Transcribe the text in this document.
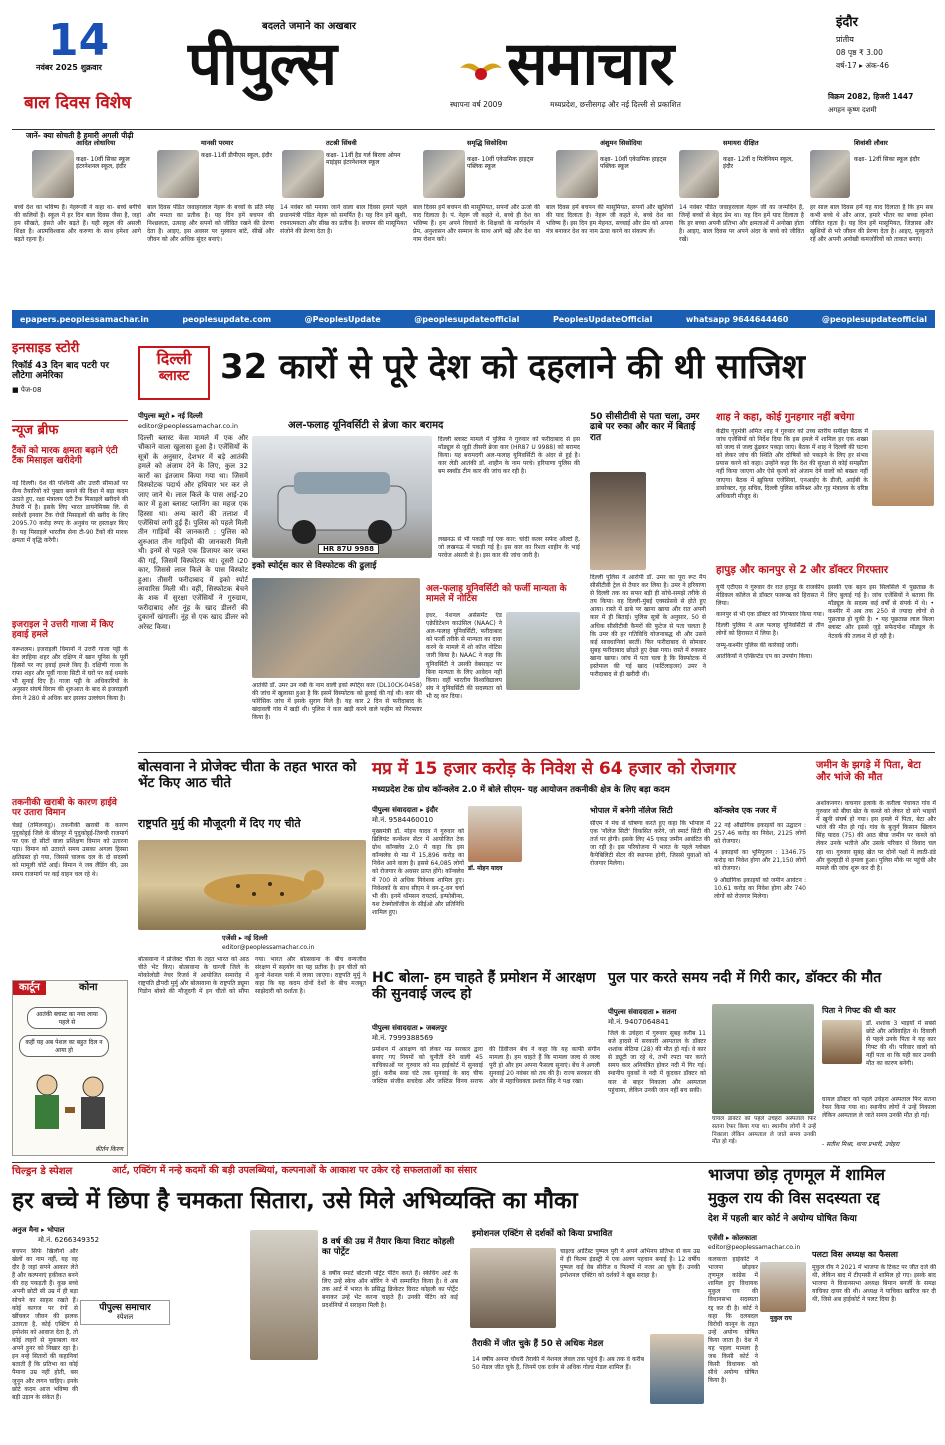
14
नवंबर 2025 शुक्रवार
बाल दिवस विशेष
जानें- क्या सोचती है हमारी अगली पीढ़ी
बदलते जमाने का अखबार
पीपुल्स	समाचार
स्थापना वर्ष 2009	मध्यप्रदेश, छत्तीसगढ़ और नई दिल्ली से प्रकाशित
इंदौर
प्रांतीय
08 पृष्ठ ₹ 3.00
वर्ष-17 ▸ अंक-46
विक्रम 2082, हिजरी 1447
अगहन कृष्ण दशमी
आदित लोधारिया
कक्षा- 10वीं सिका स्कूल इंटरनेशनल स्कूल, इंदौर
बच्चे देश का भविष्य हैं। नेहरूजी ने कहा था- बच्चे बगीचे की कलियों हैं। स्कूल में हर दिन बाल दिवस जैसा है, जहां हम सीखते, हंसते और बढ़ते हैं। यही स्कूल की असली शिक्षा है। आत्मविश्वास और करुणा के साथ हमेशा आगे बढ़ते रहना है।
मानसी परमार
कक्षा-11वीं डीपीएस स्कूल, इंदौर
बाल दिवस पंडित जवाहरलाल नेहरू के बच्चों के प्रति स्नेह और ममता का प्रतीक है। यह दिन हमें बचपन की निश्छलता, उत्साह और सपनों को जीवित रखने की प्रेरणा देता है। आइए, इस अवसर पर मुस्कान बांटें, सीखें और जीवन को और अधिक सुंदर बनाएं।
तटश्री सिंघवी
कक्षा- 11वीं हैड गर्ल बिरला ओपन माइंड्स इंटरनेशनल स्कूल
14 नवंबर को मनाया जाने वाला बाल दिवस हमारे पहले प्रधानमंत्री पंडित नेहरू को समर्पित है। यह दिन हमें खुशी, रचनात्मकता और सीख का प्रतीक है। बचपन की मासूमियत संजोने की प्रेरणा देता है।
समृद्धि सिसोदिया
कक्षा- 10वीं एकेडमिक हाइट्स पब्लिक स्कूल
बाल दिवस हमें बचपन की मासूमियत, सपनों और ऊर्जा की याद दिलाता है। पं. नेहरू जी कहते थे, बच्चे ही देश का भविष्य हैं। हम अपने विचारों के शिक्षकों के मार्गदर्शन में प्रेम, अनुशासन और सम्मान के साथ आगे बढ़ें और देश का नाम रोशन करें।
अंशुमन सिसोदिया
कक्षा- 10वीं एकेडमिक हाइट्स पब्लिक स्कूल
बाल दिवस हमें बचपन की मासूमियत, सपनों और खुशियों की याद दिलाता है। नेहरू जी कहते थे, बच्चे देश का भविष्य हैं। इस दिन हम मेहनत, सच्चाई और प्रेम को अपना मंत्र बनाकर देश का नाम ऊंचा करने का संकल्प लें।
समायरा दीक्षित
कक्षा- 12वीं द मिलेनियम स्कूल, इंदौर
14 नवंबर पंडित जवाहरलाल नेहरू जी का जन्मदिन है, जिन्हें बच्चों से बेहद प्रेम था। यह दिन हमें याद दिलाता है कि हर बच्चा अपनी प्रतिभा और क्षमताओं में अनोखा होता है। आइए, बाल दिवस पर अपने अंदर के बच्चे को जीवित रखें।
शिवांशी लौवार
कक्षा- 12वीं सिका स्कूल इंदौर
हर साल बाल दिवस हमें यह याद दिलाता है कि हम सब कभी बच्चे थे और आज, हमारे भीतर का बच्चा हमेशा जीवित रहता है। यह दिन हमें मासूमियत, जिज्ञासा और खुशियों से भरे जीवन की प्रेरणा देता है। आइए, मुस्कुराते रहें और अपनी अनोखी कमजोरियों को ताकत बनाएं।
epapers.peoplessamachar.in	peoplesupdate.com	@PeoplesUpdate	@peoplesupdateofficial	PeoplesUpdateOfficial	whatsapp 9644644460	@peoplesupdateofficial
इनसाइड स्टोरी
रिकॉर्ड 43 दिन बाद पटरी पर लौटेगा अमेरिका
■ पेज-08
न्यूज ब्रीफ
टैंकों को मारक क्षमता बढ़ाने एंटी टैंक मिसाइल खरीदेगी
नई दिल्ली। देश की पश्चिमी और उत्तरी सीमाओं पर सैन्य तैयारियों को पुख्ता बनाने की दिशा में बड़ा कदम उठाते हुए, रक्षा मंत्रालय एंटी टैंक मिसाइलें खरीदने की तैयारी में है। इसके लिए भारत डायनेमिक्स लि. से स्वदेशी इनवार टैंक रोधी मिसाइलों की खरीद के लिए 2095.70 करोड़ रुपए के अनुबंध पर हस्ताक्षर किए हैं। यह मिसाइलें भारतीय सेना टी-90 टैंकों की मारक क्षमता में वृद्धि करेंगी।
इजराइल ने उत्तरी गाजा में किए हवाई हमले
यरूशलम। इजराइली विमानों ने उत्तरी गाजा पट्टी के बेत लाहिया शहर और दक्षिण में खान यूनिस के पूर्वी हिस्सों पर नए हवाई हमले किए हैं। दक्षिणी गाजा के राफा शहर और पूर्वी गाजा सिटी में घरों पर कई धमाके भी सुनाई दिए हैं। गाजा पट्टी के अधिकारियों के अनुसार संघर्ष विराम की शुरुआत के बाद से इजराइली सेना ने 280 से अधिक बार इसका उल्लंघन किया है।
तकनीकी खराबी के कारण हाईवे पर उतारा विमान
चेन्नई (तमिलनाडु)। तकनीकी खराबी के कारण पुदुकोट्टई जिले के कीरनूर में पुदुकोट्टई-तिरुची राजमार्ग पर एक दो सीटों वाला प्रशिक्षण विमान को उतारना पड़ा। विमान को उतारते समय उसका अगला हिस्सा क्षतिग्रस्त हो गया, जिससे चालक दल के दो सदस्यों को मामूली चोटें आईं। विमान ने जय लैंडिंग की, उस समय राजमार्ग पर कई वाहन चल रहे थे।
कार्टून	कोना
आतंकी ब्लास्ट का नया लाया पहले से
कहीं यह अब पेशल का बहुत दिल न आया हो
कीर्तन किरण
दिल्ली
ब्लास्ट 32 कारों से पूरे देश को दहलाने की थी साजिश
पीपुल्स ब्यूरो ▸ नई दिल्ली
editor@peoplessamachar.co.in
दिल्ली ब्लास्ट केस मामले में एक और चौंकाने वाला खुलासा हुआ है। एजेंसियों के सूत्रों के अनुसार, देशभर में बड़े आतंकी हमले को अंजाम देने के लिए, कुल 32 कारों का इंतजाम किया गया था। जिसमें विस्फोटक पदार्थ और हथियार भर कर ले जाए जाने थे। लाल किले के पास आई-20 कार में हुआ ब्लास्ट प्लानिंग का महज एक हिस्सा था। अन्य कारों की तलाश में एजेंसियां लगी हुई हैं। पुलिस को पहले मिली तीन गाड़ियों की जानकारी : पुलिस को शुरुआत तीन गाड़ियों की जानकारी मिली थी। इनमें से पहले एक डिजायर कार जब्त की गई, जिसमें विस्फोटक था। दूसरी i20 कार, जिससे लाल किले के पास विस्फोट हुआ। तीसरी फरीदाबाद में इको स्पोर्ट लावारिस मिली थी। वहीं, सिस्फोटक बेचने के शक में सुरक्षा एजेंसियों ने गुरुग्राम, फरीदाबाद और नूंह के खाद डीलरों की दुकानों खंगालीं। नूंह से एक खाद डीलर को अरेस्ट किया।
अल-फलाह यूनिवर्सिटी से ब्रेजा कार बरामद
HR 87U 9988
दिल्ली ब्लास्ट मामले में पुलिस ने गुरुवार को फरीदाबाद से इस मॉड्यूल से जुड़ी तीसरी ब्रेजा कार (HR87 U 9988) को बरामद किया। यह बरामदगी अल-फलाह यूनिवर्सिटी के अंदर से हुई है। कार लेडी आतंकी डॉ. शाहीन के नाम परचे। हरियाणा पुलिस की बम स्क्वॉड टीम कार की जांच कर रही है।
लखनऊ से भी पकड़ी गई एक कार: चांदी कलर सफेद ऑल्टो है, जो लखनऊ में पकड़ी गई है। इस कार का रिश्ता शाहीन के भाई परवेज अंसारी से है। इस कार की जांच जारी है।
इको स्पोर्ट्स कार से विस्फोटक की ढुलाई
आतंकी डॉ. उमर उन नबी के नाम वाली इको स्पोर्ट्स कार (DL10CK-0458) की जांच में खुलासा हुआ है कि इसमें विस्फोटक को ढुलाई की गई थी। कार की फोरेंसिक जांच में इसके सुराग मिले हैं। यह कार 2 दिन से फरीदाबाद के खंदावली गांव में खड़ी थी। पुलिस ने कार खड़ी करने वाले फहीम को गिरफ्तार किया है।
अल-फलाह यूनिवर्सिटी को फर्जी मान्यता के मामले में नोटिस
इधर, नेशनल असेसमेंट एंड एक्रेडिटेशन काउंसिल (NAAC) ने अल-फलाह यूनिवर्सिटी, फरीदाबाद को फर्जी तरीके से मान्यता का दावा करने के मामले में शो कॉज नोटिस जारी किया है। NAAC ने कहा कि यूनिवर्सिटी ने उसकी वेबसाइट पर बिना मान्यता के लिए आवेदन नहीं किया। वहीं भारतीय विश्वविद्यालय संघ ने यूनिवर्सिटी की सदस्यता को भी रद्द कर दिया।
50 सीसीटीवी से पता चला, उमर ढाबे पर रुका और कार में बिताई रात
दिल्ली पुलिस ने आरोपी डॉ. उमर का पूरा रूट मैप सीसीटीवी ट्रेल से तैयार कर लिया है। उमर ने हरियाणा से दिल्ली तक का सफर बड़ी ही सोचे-समझे तरीके से तय किया। वह दिल्ली-मुंबई एक्सप्रेसवे से होते हुए आया। रास्ते में ढाबे पर खाना खाया और रात अपनी कार में ही बिताई। पुलिस सूत्रों के अनुसार, 50 से अधिक सीसीटीवी कैमरों की फुटेज से पता चलता है कि उमर की हर गतिविधि योजनाबद्ध थी और उसने कई सावधानियां बरतीं। फिर फरीदाबाद से सोमवार सुबह फरीदाबाद छोड़ते हुए देखा गया। रास्ते में रुककर खाना खाया। जांच में पता चला है कि विस्फोटक में इस्तेमाल की गई खाद (फर्टिलाइजर) उमर ने फरीदाबाद से ही खरीदी थी।
शाह ने कहा, कोई गुनहगार नहीं बचेगा
केंद्रीय गृहमंत्री अमित शाह ने गुरुवार को उच्च स्तरीय समीक्षा बैठक में जांच एजेंसियों को निर्देश दिया कि इस हमले में शामिल हर एक शख्स को जल्द से जल्द ढूंढकर पकड़ा जाए। बैठक में शाह ने दिल्ली की घटना को लेकर जांच की स्थिति और दोषियों को पकड़ने के लिए हर संभव प्रयास करने को कहा। उन्होंने कहा कि देश की सुरक्षा से कोई समझौता नहीं किया जाएगा और ऐसे कृत्यों को अंजाम देने वालों को बख्शा नहीं जाएगा। बैठक में ख़ुफ़िया एजेंसियां, एनआईए के डीजी, आईबी के डायरेक्टर, गृह सचिव, दिल्ली पुलिस कमिश्नर और गृह मंत्रालय के वरिष्ठ अधिकारी मौजूद थे।
हापुड़ और कानपुर से 2 और डॉक्टर गिरफ्तार
यूपी एटीएस ने गुरुवार देर रात हापुड़ के राजकीय मेडिकल कॉलेज से डॉक्टर फारूख को हिरासत में लिया।
कानपुर से भी एक डॉक्टर को गिरफ्तार किया गया।
दिल्ली पुलिस ने अल फलाह यूनिवर्सिटी से तीन लोगों को हिरासत में लिया है।
जम्मू-कश्मीर पुलिस की कार्रवाई जारी।
आतंकियों ने एन्क्रिप्टेड एप का उपयोग किया।
इसकी एक बहन इस सिलसिले में पूछताछ के लिए बुलाई गई है। जांच एजेंसियों ने बताया कि मॉड्यूल के सदस्य कई वर्षों से संपर्क में थे। • कश्मीर में अब तक 250 से ज्यादा लोगों से पूछताछ हो चुकी है। • यह पूछताछ लाल किला ब्लास्ट और इससे जुड़े सफेदपोश मॉड्यूल के नेटवर्क की तलाश में हो रही है।
बोत्सवाना ने प्रोजेक्ट चीता के तहत भारत को भेंट किए आठ चीते
राष्ट्रपति मुर्मु की मौजूदगी में दिए गए चीते
एजेंसी ▸ नई दिल्ली
editor@peoplessamachar.co.in
बोत्सवाना ने प्रोजेक्ट चीता के तहत भारत को आठ चीते भेंट किए। बोत्सवाना के घान्जी जिले के मोकोलोडी नेचर रिजर्व में आयोजित समारोह में राष्ट्रपति द्रौपदी मुर्मु और बोत्सवाना के राष्ट्रपति ड्यूमा गिडोन बोको की मौजूदगी में इन चीतों को सौंपा गया। भारत और बोत्सवाना के बीच वन्यजीव संरक्षण में सहयोग का यह प्रतीक है। इन चीतों को कूनो नेशनल पार्क में लाया जाएगा। राष्ट्रपति मुर्मु ने कहा कि यह कदम दोनों देशों के बीच मजबूत साझेदारी को दर्शाता है।
मप्र में 15 हजार करोड़ के निवेश से 64 हजार को रोजगार
मध्यप्रदेश टेक ग्रोथ कॉन्क्लेव 2.0 में बोले सीएम- यह आयोजन तकनीकी क्षेत्र के लिए बड़ा कदम
पीपुल्स संवाददाता ▸ इंदौर
मो.नं. 9584460010
डॉ. मोहन यादव
मुख्यमंत्री डॉ. मोहन यादव ने गुरुवार को ब्रिलियंट कन्वेंशन सेंटर में आयोजित टेक ग्रोथ कॉन्क्लेव 2.0 में कहा कि इस कॉन्क्लेव से मप्र में 15,896 करोड़ का निवेश आने वाला है। इससे 64,085 लोगों को रोजगार के अवसर प्राप्त होंगे। कॉन्क्लेव में 700 से अधिक निवेशक शामिल हुए। निवेशकों के साथ सीएम ने वन-टू-वन चर्चा भी की। इनमें थॉमसन रायटर्स, इन्फोबीन्स, यश टेक्नोलॉजीज के सीईओ और प्रतिनिधि शामिल हुए।
भोपाल में बनेगी नॉलेज सिटी
सीएम ने मंच से घोषणा करते हुए कहा कि भोपाल में एक 'नॉलेज सिटी' विकसित करेंगे, जो स्मार्ट सिटी की तर्ज पर होगी। इसके लिए 45 एकड़ जमीन आवंटित की जा रही है। इस परियोजना में भारत के पहले ग्लोबल कैपेबिलिटी सेंटर की स्थापना होगी, जिससे युवाओं को रोजगार मिलेगा।
कॉन्क्लेव एक नजर में
22 नई औद्योगिक इकाइयों का उद्घाटन : 257.46 करोड़ का निवेश, 2125 लोगों को रोजगार।
4 इकाइयों का भूमिपूजन : 1346.75 करोड़ का निवेश होगा और 21,150 लोगों को रोजगार।
9 औद्योगिक इकाइयों को जमीन आवंटन : 10.61 करोड़ का निवेश होगा और 740 लोगों को रोजगार मिलेगा।
जमीन के झगड़े में पिता, बेटा और भांजे की मौत
अशोकनगर। कचनार इलाके के करीला पंचायत गांव में गुरुवार को बीघा खेत के कब्जे को लेकर दो सगे भाइयों में खूनी संघर्ष हो गया। इस हमले में पिता, बेटा और भांजे की मौत हो गई। गांव के बुजुर्ग किसान खिलान सिंह यादव (75) की आठ बीघा जमीन पर कब्जे को लेकर उनके भतीजे और उसके परिवार से विवाद चल रहा था। गुरुवार सुबह खेत पर दोनों पक्षों में लाठी-डंडे और कुल्हाड़ी से हमला हुआ। पुलिस मौके पर पहुंची और मामले की जांच शुरू कर दी है।
HC बोला- हम चाहते हैं प्रमोशन में आरक्षण की सुनवाई जल्द हो
पीपुल्स संवाददाता ▸ जबलपुर
मो.नं. 7999388569
प्रमोशन में आरक्षण को लेकर मप्र सरकार द्वारा बनाए गए नियमों को चुनौती देने वाली 45 याचिकाओं पर गुरुवार को मप्र हाईकोर्ट में सुनवाई हुई। करीब सवा घंटे तक सुनवाई के बाद चीफ जस्टिस संजीव सचदेवा और जस्टिस विनय सराफ की डिवीजन बेंच ने कहा कि यह काफी संगीन मामला है। हम चाहते हैं कि मामला जल्द से जल्द पूरी हो और हम अपना फैसला सुनाएं। बेंच ने अगली सुनवाई 20 नवंबर को तय की है। राज्य सरकार की ओर से महाधिवक्ता प्रशांत सिंह ने पक्ष रखा।
पुल पार करते समय नदी में गिरी कार, डॉक्टर की मौत
पीपुल्स संवाददाता ▸ सतना
मो.नं. 9407064841
जिले के उचेहरा में गुरुवार सुबह करीब 11 बजे हादसे में सरकारी अस्पताल के डॉक्टर शशांक सेठिया (28) की मौत हो गई। वे कार से ड्यूटी जा रहे थे, तभी रपटा पार करते समय कार अनियंत्रित होकर नदी में गिर गई। स्थानीय युवकों ने नदी में कूदकर डॉक्टर को कार से बाहर निकाला और अस्पताल पहुंचाया, लेकिन उनकी जान नहीं बच सकी।
पिता ने गिफ्ट की थी कार
डॉ. शशांक 3 भाइयों में सबसे छोटे और अविवाहित थे। दिवाली से पहले उनके पिता ने यह कार गिफ्ट की थी। परिवार वालों को नहीं पता था कि यही कार उनकी मौत का कारण बनेगी।
घायल डॉक्टर को पहले उचेहरा अस्पताल फिर सतना रेफर किया गया था। स्थानीय लोगों ने उन्हें निकाला लेकिन अस्पताल ले जाते समय उनकी मौत हो गई।
- सतीश मिश्रा, थाना प्रभारी, उचेहरा
घायल डॉक्टर को पहले उचेहरा अस्पताल फिर सतना रेफर किया गया था। स्थानीय लोगों ने उन्हें निकाला लेकिन अस्पताल ले जाते समय उनकी मौत हो गई।
चिल्ड्रन डे स्पेशल	आर्ट, एक्टिंग में नन्हे कदमों की बड़ी उपलब्धियां, कल्पनाओं के आकाश पर उकेर रहे सफलताओं का संसार
हर बच्चे में छिपा है चमकता सितारा, उसे मिले अभिव्यक्ति का मौका
अनुज मैना ▸ भोपाल
मो.नं. 6266349352
बचपन सिर्फ खिलौनों और खेलों का नाम नहीं, यह वह दौर है जहां सपने आकार लेते हैं और कल्पनाएं हकीकत बनने की राह पकड़ती हैं। कुछ बच्चे अपनी छोटी सी उम्र में ही बड़ा सोचने का साहस रखते हैं। कोई कागज पर रंगों से खींचकर जीवन की झलक उतारता है, कोई एक्टिंग से इमोशंस को आवाज देता है, तो कोई लहरों से मुकाबला कर अपने हुनर को निखार रहा है। इन नन्हे सितारों की कहानियां बताती हैं कि प्रतिभा का कोई पैमाना उम्र नहीं होती, बस जुनून और लगन चाहिए। इनके छोटे कदम आज भविष्य की बड़ी उड़ान के संकेत हैं।
पीपुल्स समाचार
स्पेशल
8 वर्ष की उम्र में तैयार किया विराट कोहली का पोर्ट्रेट
8 वर्षीय स्मार्ट बोटानी पोर्ट्रेट पेंटिंग करते हैं। स्केचिंग आर्ट के लिए उन्हें स्केच ऑन बोरिंग ने भी सम्मानित किया है। वे अब तक आर्ट में भारत के प्रसिद्ध क्रिकेटर विराट कोहली का पोर्ट्रेट बनाकर उन्हें भेंट करना चाहते हैं। उनकी पेंटिंग को कई प्रदर्शनियों में सराहना मिली है।
इमोशनल एक्टिंग से दर्शकों को किया प्रभावित
चाइल्ड आर्टिस्ट पुष्पल पुरी ने अपने अभिनय प्रतिभा से कम उम्र में ही फिल्म इंडस्ट्री में एक अलग पहचान बनाई है। 12 वर्षीय पुष्पल कई वेब सीरीज व फिल्मों में नजर आ चुके हैं। उनकी इमोशनल एक्टिंग को दर्शकों ने खूब सराहा है।
तैराकी में जीत चुके हैं 50 से अधिक मेडल
14 वर्षीय अनन्त चौधरी तैराकी में नेशनल लेवल तक पहुंचे हैं। अब तक वे करीब 50 मेडल जीत चुके हैं, जिनमें एक दर्जन से अधिक गोल्ड मेडल शामिल हैं।
भाजपा छोड़ तृणमूल में शामिल
मुकुल राय की विस सदस्यता रद्द
देश में पहली बार कोर्ट ने अयोग्य घोषित किया
एजेंसी ▸ कोलकाता
editor@peoplessamachar.co.in
मुकुल राय
कलकत्ता हाईकोर्ट ने भाजपा छोड़कर तृणमूल कांग्रेस में शामिल हुए विधायक मुकुल राय की विधानसभा सदस्यता रद्द कर दी है। कोर्ट ने कहा कि दलबदल विरोधी कानून के तहत उन्हें अयोग्य घोषित किया जाता है। देश में यह पहला मामला है जब किसी कोर्ट ने किसी विधायक को सीधे अयोग्य घोषित किया है।
पलटा विस अध्यक्ष का फैसला
मुकुल रॉय ने 2021 में भाजपा के टिकट पर जीत दर्ज की थी, लेकिन बाद में टीएमसी में शामिल हो गए। इसके बाद भाजपा ने विधानसभा अध्यक्ष बिमान बनर्जी के समक्ष याचिका दायर की थी। अध्यक्ष ने याचिका खारिज कर दी थी, जिसे अब हाईकोर्ट ने पलट दिया है।
